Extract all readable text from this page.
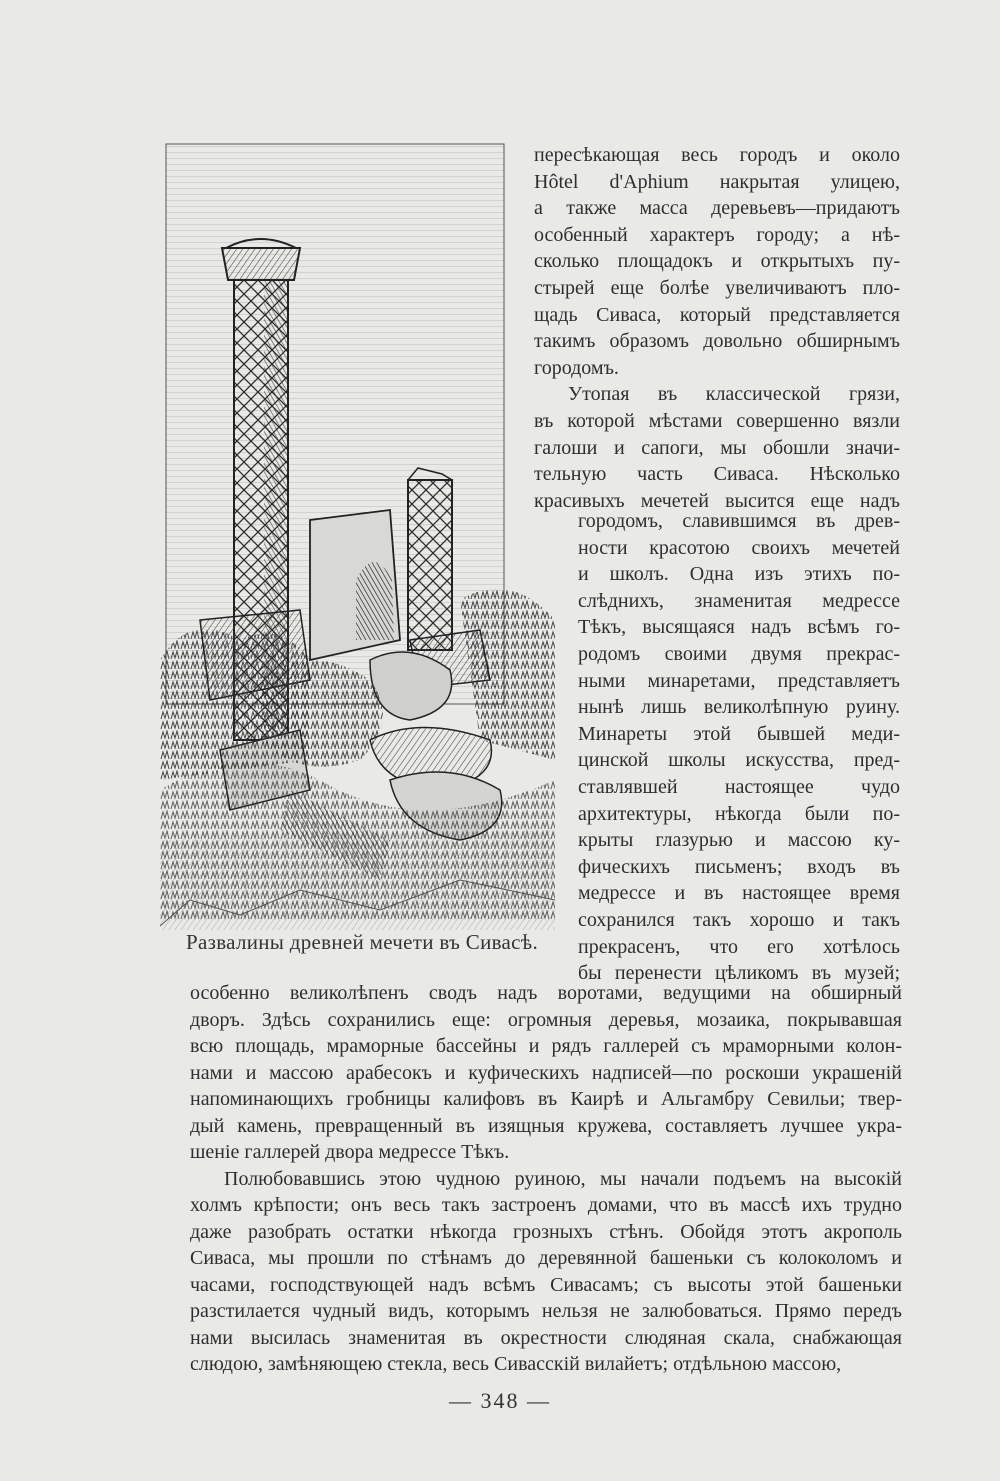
Развалины древней мечети въ Сивасѣ.
пересѣкающая весь городъ и около
Hôtel d'Aphium накрытая улицею,
а также масса деревьевъ—придаютъ
особенный характеръ городу; а нѣ-
сколько площадокъ и открытыхъ пу-
стырей еще болѣе увеличиваютъ пло-
щадь Сиваса, который представляется
такимъ образомъ довольно обширнымъ
городомъ.
Утопая въ классической грязи,
въ которой мѣстами совершенно вязли
галоши и сапоги, мы обошли значи-
тельную часть Сиваса. Нѣсколько
красивыхъ мечетей высится еще надъ
городомъ, славившимся въ древ-
ности красотою своихъ мечетей
и школъ. Одна изъ этихъ по-
слѣднихъ, знаменитая медрессе
Тѣкъ, высящаяся надъ всѣмъ го-
родомъ своими двумя прекрас-
ными минаретами, представляетъ
нынѣ лишь великолѣпную руину.
Минареты этой бывшей меди-
цинской школы искусства, пред-
ставлявшей настоящее чудо
архитектуры, нѣкогда были по-
крыты глазурью и массою ку-
фическихъ письменъ; входъ въ
медрессе и въ настоящее время
сохранился такъ хорошо и такъ
прекрасенъ, что его хотѣлось
бы перенести цѣликомъ въ музей;
особенно великолѣпенъ сводъ надъ воротами, ведущими на обширный
дворъ. Здѣсь сохранились еще: огромныя деревья, мозаика, покрывавшая
всю площадь, мраморные бассейны и рядъ галлерей съ мраморными колон-
нами и массою арабесокъ и куфическихъ надписей—по роскоши украшеній
напоминающихъ гробницы калифовъ въ Каирѣ и Альгамбру Севильи; твер-
дый камень, превращенный въ изящныя кружева, составляетъ лучшее укра-
шеніе галлерей двора медрессе Тѣкъ.
Полюбовавшись этою чудною руиною, мы начали подъемъ на высокій
холмъ крѣпости; онъ весь такъ застроенъ домами, что въ массѣ ихъ трудно
даже разобрать остатки нѣкогда грозныхъ стѣнъ. Обойдя этотъ акрополь
Сиваса, мы прошли по стѣнамъ до деревянной башеньки съ колоколомъ и
часами, господствующей надъ всѣмъ Сивасамъ; съ высоты этой башеньки
разстилается чудный видъ, которымъ нельзя не залюбоваться. Прямо передъ
нами высилась знаменитая въ окрестности слюдяная скала, снабжающая
слюдою, замѣняющею стекла, весь Сивасскій вилайетъ; отдѣльною массою,
— 348 —
